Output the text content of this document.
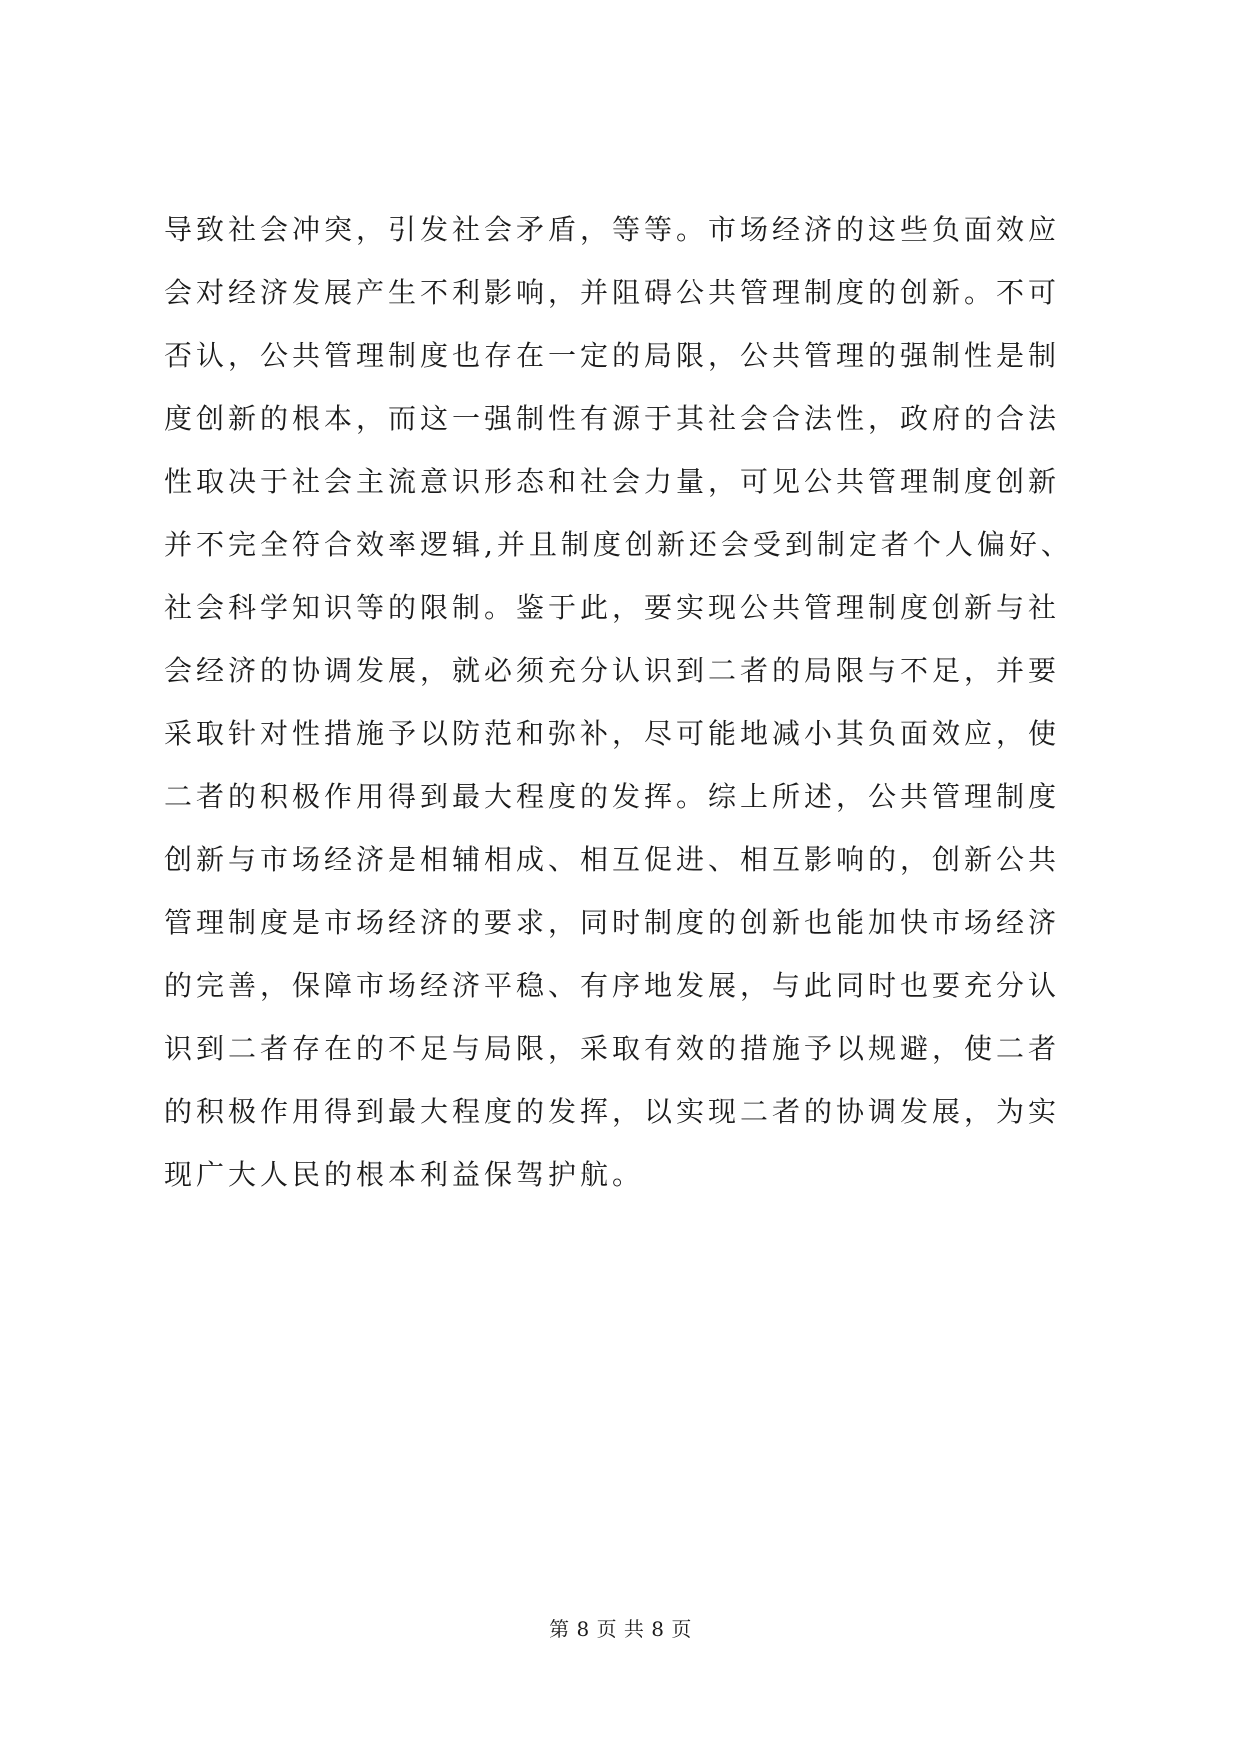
导致社会冲突，引发社会矛盾，等等。市场经济的这些负面效应
会对经济发展产生不利影响，并阻碍公共管理制度的创新。不可
否认，公共管理制度也存在一定的局限，公共管理的强制性是制
度创新的根本，而这一强制性有源于其社会合法性，政府的合法
性取决于社会主流意识形态和社会力量，可见公共管理制度创新
并不完全符合效率逻辑,并且制度创新还会受到制定者个人偏好、
社会科学知识等的限制。鉴于此，要实现公共管理制度创新与社
会经济的协调发展，就必须充分认识到二者的局限与不足，并要
采取针对性措施予以防范和弥补，尽可能地减小其负面效应，使
二者的积极作用得到最大程度的发挥。综上所述，公共管理制度
创新与市场经济是相辅相成、相互促进、相互影响的，创新公共
管理制度是市场经济的要求，同时制度的创新也能加快市场经济
的完善，保障市场经济平稳、有序地发展，与此同时也要充分认
识到二者存在的不足与局限，采取有效的措施予以规避，使二者
的积极作用得到最大程度的发挥，以实现二者的协调发展，为实
现广大人民的根本利益保驾护航。
第 8 页 共 8 页
